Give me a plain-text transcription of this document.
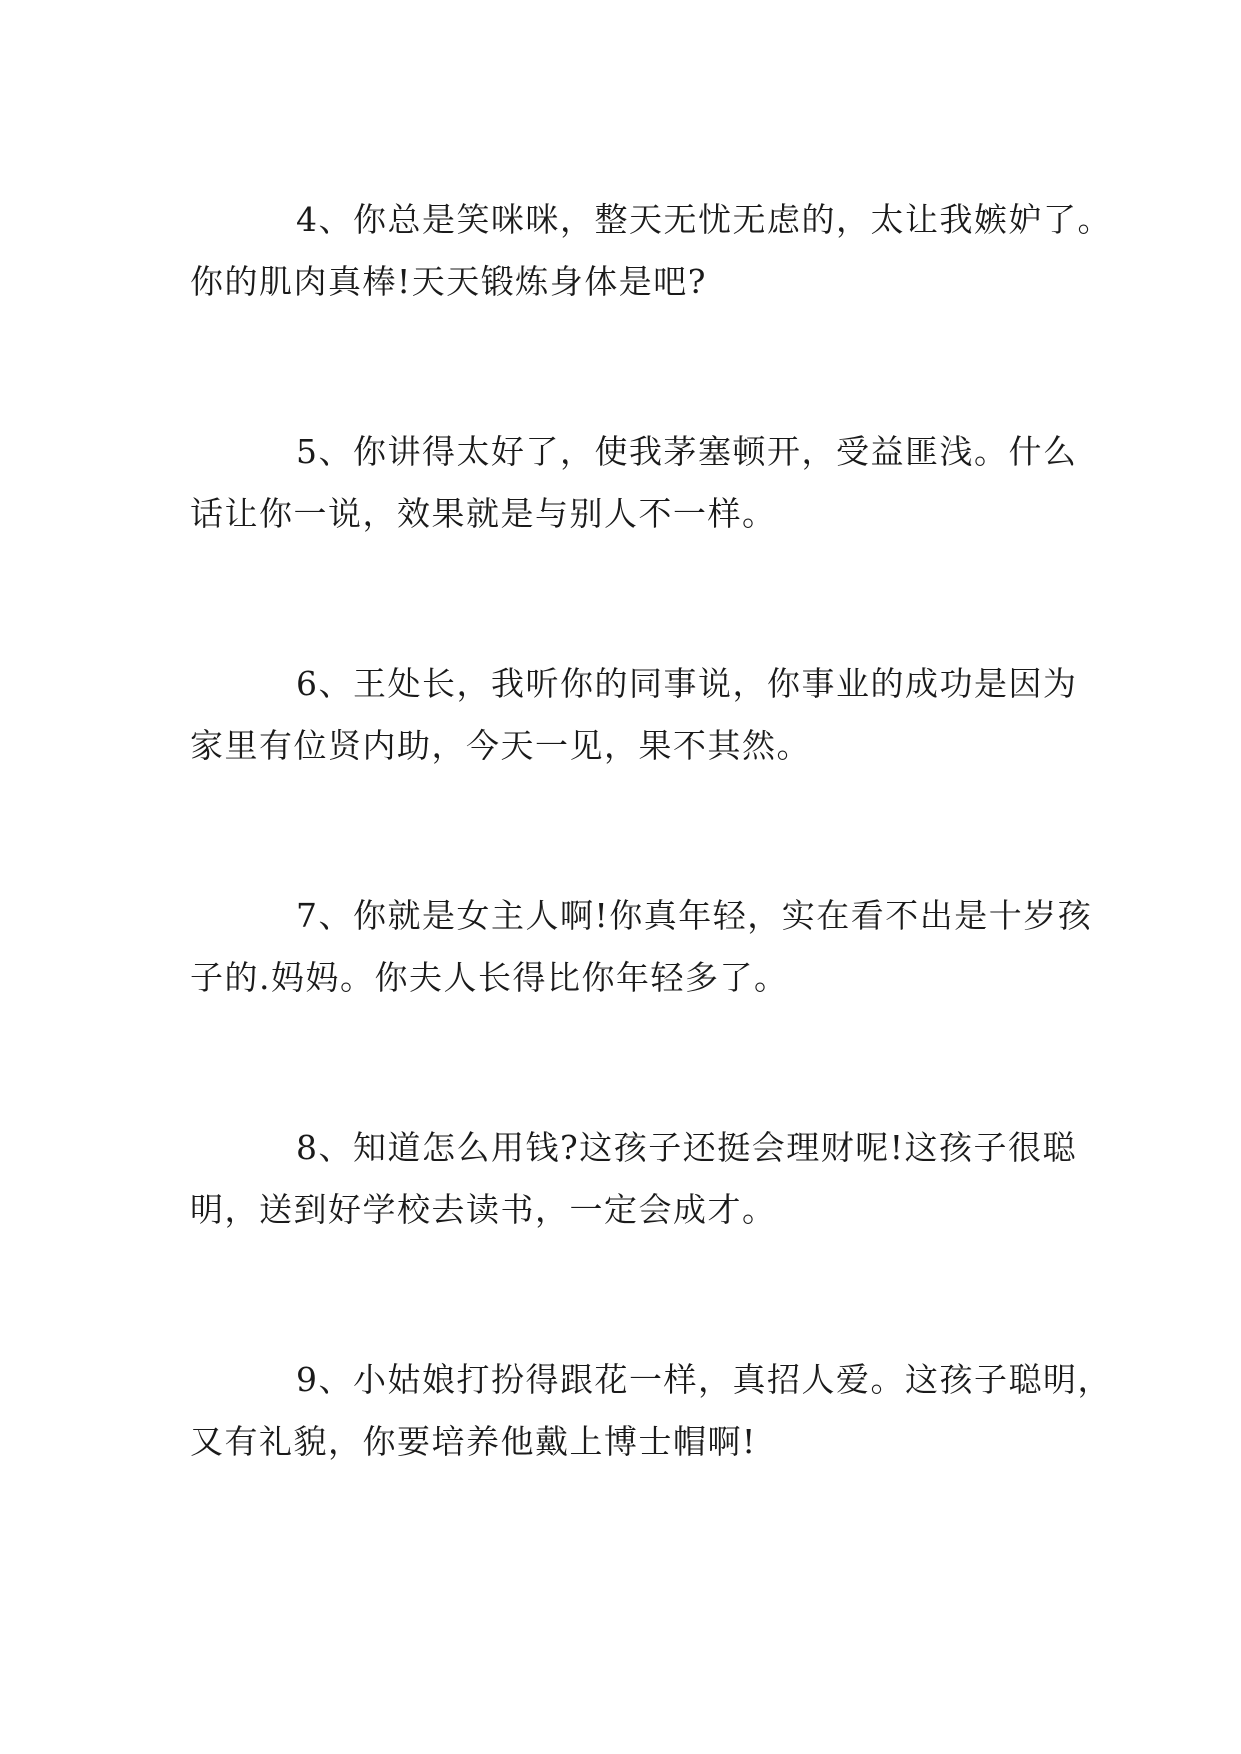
4、你总是笑咪咪，整天无忧无虑的，太让我嫉妒了。
你的肌肉真棒!天天锻炼身体是吧?

5、你讲得太好了，使我茅塞顿开，受益匪浅。什么
话让你一说，效果就是与别人不一样。

6、王处长，我听你的同事说，你事业的成功是因为
家里有位贤内助，今天一见，果不其然。

7、你就是女主人啊!你真年轻，实在看不出是十岁孩
子的.妈妈。你夫人长得比你年轻多了。

8、知道怎么用钱?这孩子还挺会理财呢!这孩子很聪
明，送到好学校去读书，一定会成才。

9、小姑娘打扮得跟花一样，真招人爱。这孩子聪明，
又有礼貌，你要培养他戴上博士帽啊!
